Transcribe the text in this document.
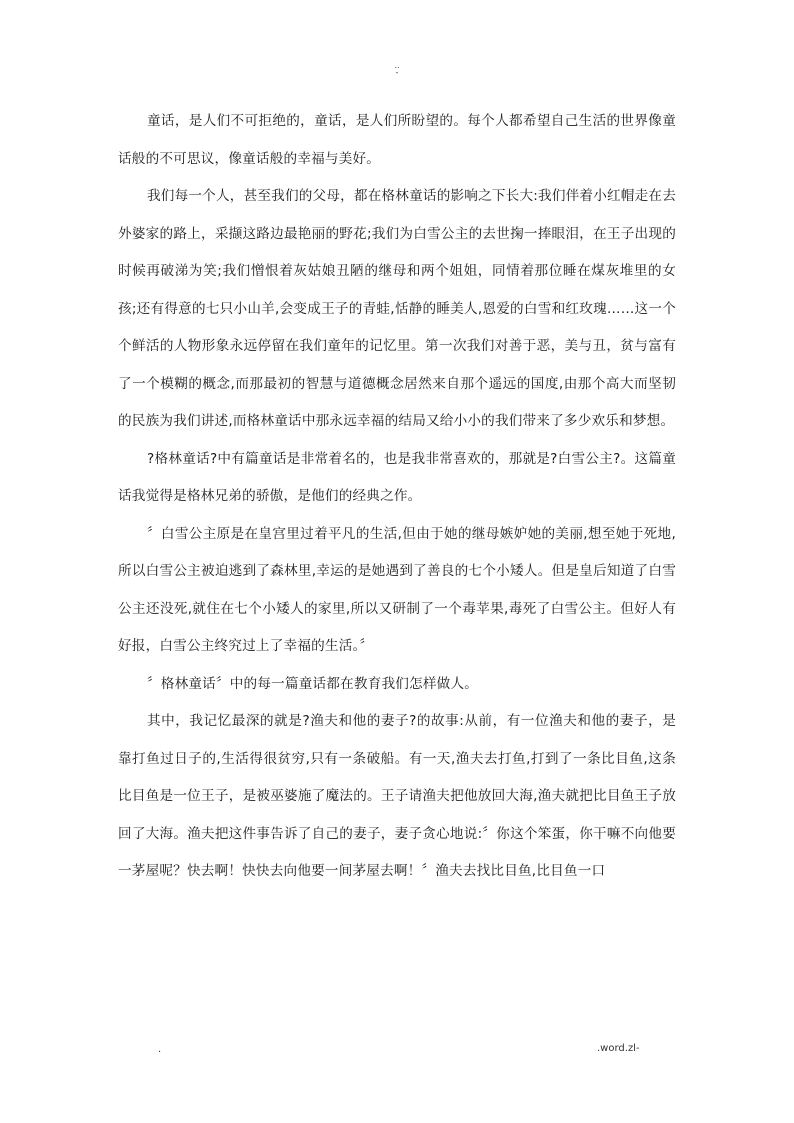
..
-

童话，是人们不可拒绝的，童话，是人们所盼望的。每个人都希望自己生活的世界像童话般的不可思议，像童话般的幸福与美好。

我们每一个人，甚至我们的父母，都在格林童话的影响之下长大:我们伴着小红帽走在去外婆家的路上，采撷这路边最艳丽的野花;我们为白雪公主的去世掬一捧眼泪，在王子出现的时候再破涕为笑;我们憎恨着灰姑娘丑陋的继母和两个姐姐，同情着那位睡在煤灰堆里的女孩;还有得意的七只小山羊,会变成王子的青蛙,恬静的睡美人,恩爱的白雪和红玫瑰……这一个个鲜活的人物形象永远停留在我们童年的记忆里。第一次我们对善于恶，美与丑，贫与富有了一个模糊的概念,而那最初的智慧与道德概念居然来自那个遥远的国度,由那个高大而坚韧的民族为我们讲述,而格林童话中那永远幸福的结局又给小小的我们带来了多少欢乐和梦想。

?格林童话?中有篇童话是非常着名的，也是我非常喜欢的，那就是?白雪公主?。这篇童话我觉得是格林兄弟的骄傲，是他们的经典之作。

〞白雪公主原是在皇宫里过着平凡的生活,但由于她的继母嫉妒她的美丽,想至她于死地,所以白雪公主被迫逃到了森林里,幸运的是她遇到了善良的七个小矮人。但是皇后知道了白雪公主还没死,就住在七个小矮人的家里,所以又研制了一个毒苹果,毒死了白雪公主。但好人有好报，白雪公主终究过上了幸福的生活。〞

〞格林童话〞中的每一篇童话都在教育我们怎样做人。

其中，我记忆最深的就是?渔夫和他的妻子?的故事:从前，有一位渔夫和他的妻子，是靠打鱼过日子的,生活得很贫穷,只有一条破船。有一天,渔夫去打鱼,打到了一条比目鱼,这条比目鱼是一位王子，是被巫婆施了魔法的。王子请渔夫把他放回大海,渔夫就把比目鱼王子放回了大海。渔夫把这件事告诉了自己的妻子，妻子贪心地说:〞你这个笨蛋，你干嘛不向他要一茅屋呢？快去啊！快快去向他要一间茅屋去啊！〞渔夫去找比目鱼,比目鱼一口

.	.word.zl-
